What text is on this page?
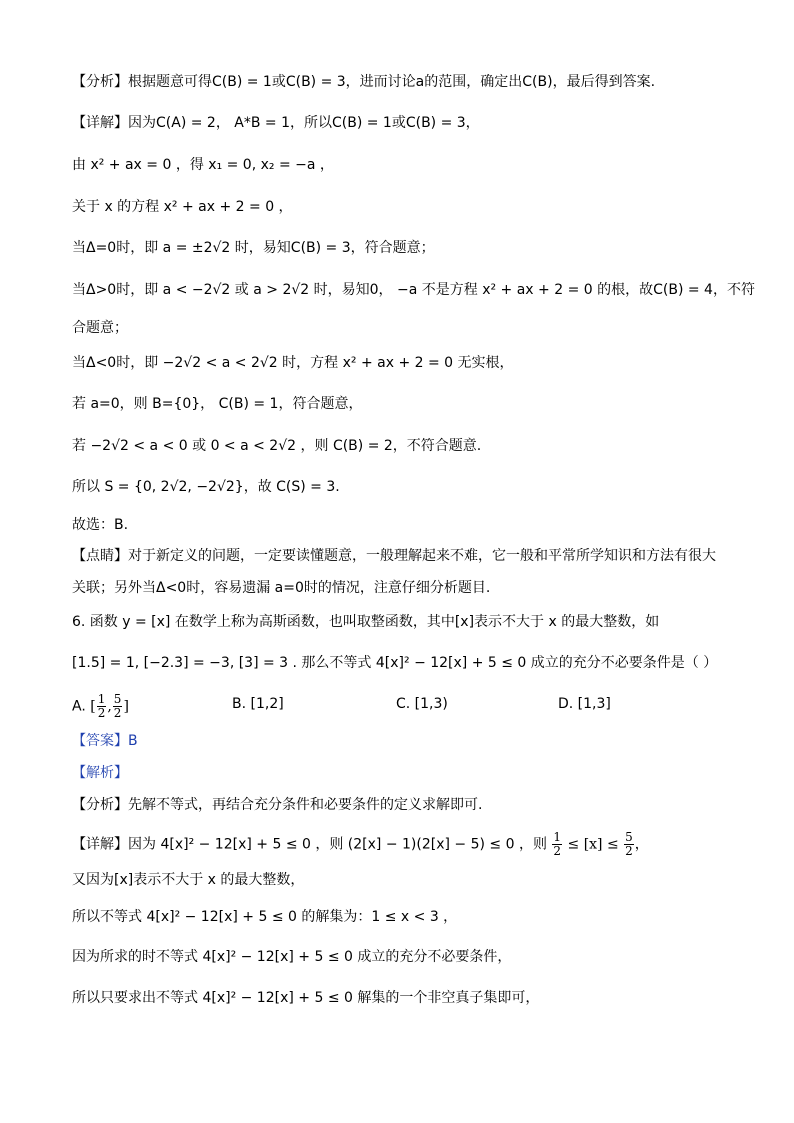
【分析】根据题意可得C(B) = 1或C(B) = 3，进而讨论a的范围，确定出C(B)，最后得到答案.
【详解】因为C(A) = 2， A*B = 1，所以C(B) = 1或C(B) = 3，
由 x² + ax = 0 ，得 x₁ = 0, x₂ = −a ，
关于 x 的方程 x² + ax + 2 = 0 ，
当Δ=0时，即 a = ±2√2 时，易知C(B) = 3，符合题意；
当Δ>0时，即 a < −2√2 或 a > 2√2 时，易知0， −a 不是方程 x² + ax + 2 = 0 的根，故C(B) = 4，不符
合题意；
当Δ<0时，即 −2√2 < a < 2√2 时，方程 x² + ax + 2 = 0 无实根，
若 a=0，则 B={0}， C(B) = 1，符合题意，
若 −2√2 < a < 0 或 0 < a < 2√2 ，则 C(B) = 2，不符合题意.
所以 S = {0, 2√2, −2√2}，故 C(S) = 3.
故选：B.
【点睛】对于新定义的问题，一定要读懂题意，一般理解起来不难，它一般和平常所学知识和方法有很大
关联；另外当Δ<0时，容易遗漏 a=0时的情况，注意仔细分析题目.
6. 函数 y = [x] 在数学上称为高斯函数，也叫取整函数，其中[x]表示不大于 x 的最大整数，如
[1.5] = 1, [−2.3] = −3, [3] = 3 . 那么不等式 4[x]² − 12[x] + 5 ≤ 0 成立的充分不必要条件是（ ）
A. [ $\frac{1}{2}$ , $\frac{5}{2}$ ]	B. [1,2]	C. [1,3)	D. [1,3]
【答案】B
【解析】
【分析】先解不等式，再结合充分条件和必要条件的定义求解即可.
【详解】因为 4[x]² − 12[x] + 5 ≤ 0 ，则 (2[x] − 1)(2[x] − 5) ≤ 0 ，则 $\frac{1}{2} \le [x] \le \frac{5}{2}$ ，
又因为[x]表示不大于 x 的最大整数，
所以不等式 4[x]² − 12[x] + 5 ≤ 0 的解集为：1 ≤ x < 3 ，
因为所求的时不等式 4[x]² − 12[x] + 5 ≤ 0 成立的充分不必要条件，
所以只要求出不等式 4[x]² − 12[x] + 5 ≤ 0 解集的一个非空真子集即可，
